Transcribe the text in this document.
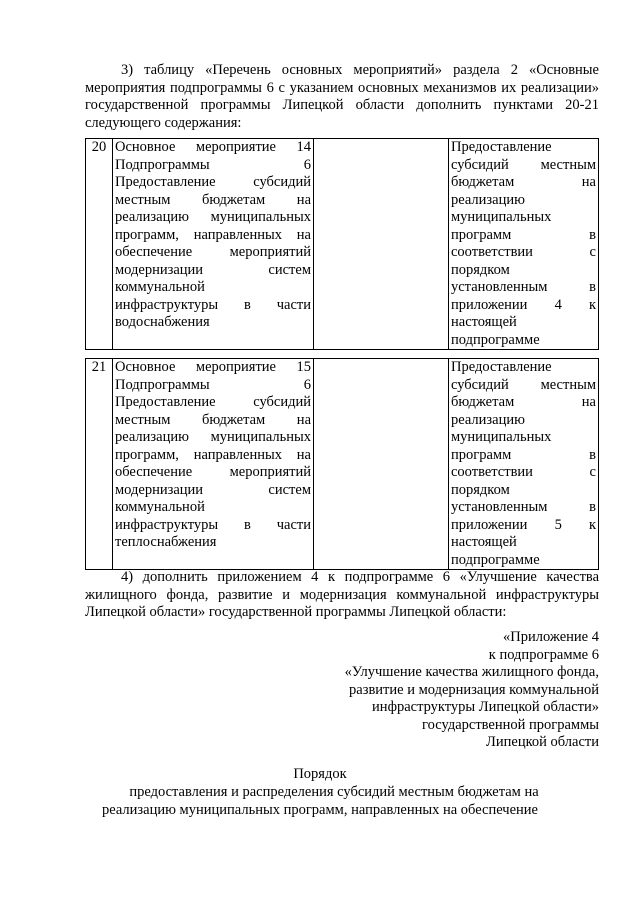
3) таблицу «Перечень основных мероприятий» раздела 2 «Основные мероприятия подпрограммы 6 с указанием основных механизмов их реализации» государственной программы Липецкой области дополнить пунктами 20-21 следующего содержания:

20	Основное мероприятие 14 Подпрограммы 6 Предоставление субсидий местным бюджетам на реализацию муниципальных программ, направленных на обеспечение мероприятий модернизации систем коммунальной инфраструктуры в части водоснабжения		Предоставление субсидий местным бюджетам на реализацию муниципальных программ в соответствии с порядком установленным в приложении 4 к настоящей подпрограмме
21	Основное мероприятие 15 Подпрограммы 6 Предоставление субсидий местным бюджетам на реализацию муниципальных программ, направленных на обеспечение мероприятий модернизации систем коммунальной инфраструктуры в части теплоснабжения		Предоставление субсидий местным бюджетам на реализацию муниципальных программ в соответствии с порядком установленным в приложении 5 к настоящей подпрограмме

4) дополнить приложением 4 к подпрограмме 6 «Улучшение качества жилищного фонда, развитие и модернизация коммунальной инфраструктуры Липецкой области» государственной программы Липецкой области:

«Приложение 4
к подпрограмме 6
«Улучшение качества жилищного фонда,
развитие и модернизация коммунальной
инфраструктуры Липецкой области»
государственной программы
Липецкой области
Порядок
предоставления и распределения субсидий местным бюджетам на
реализацию муниципальных программ, направленных на обеспечение
